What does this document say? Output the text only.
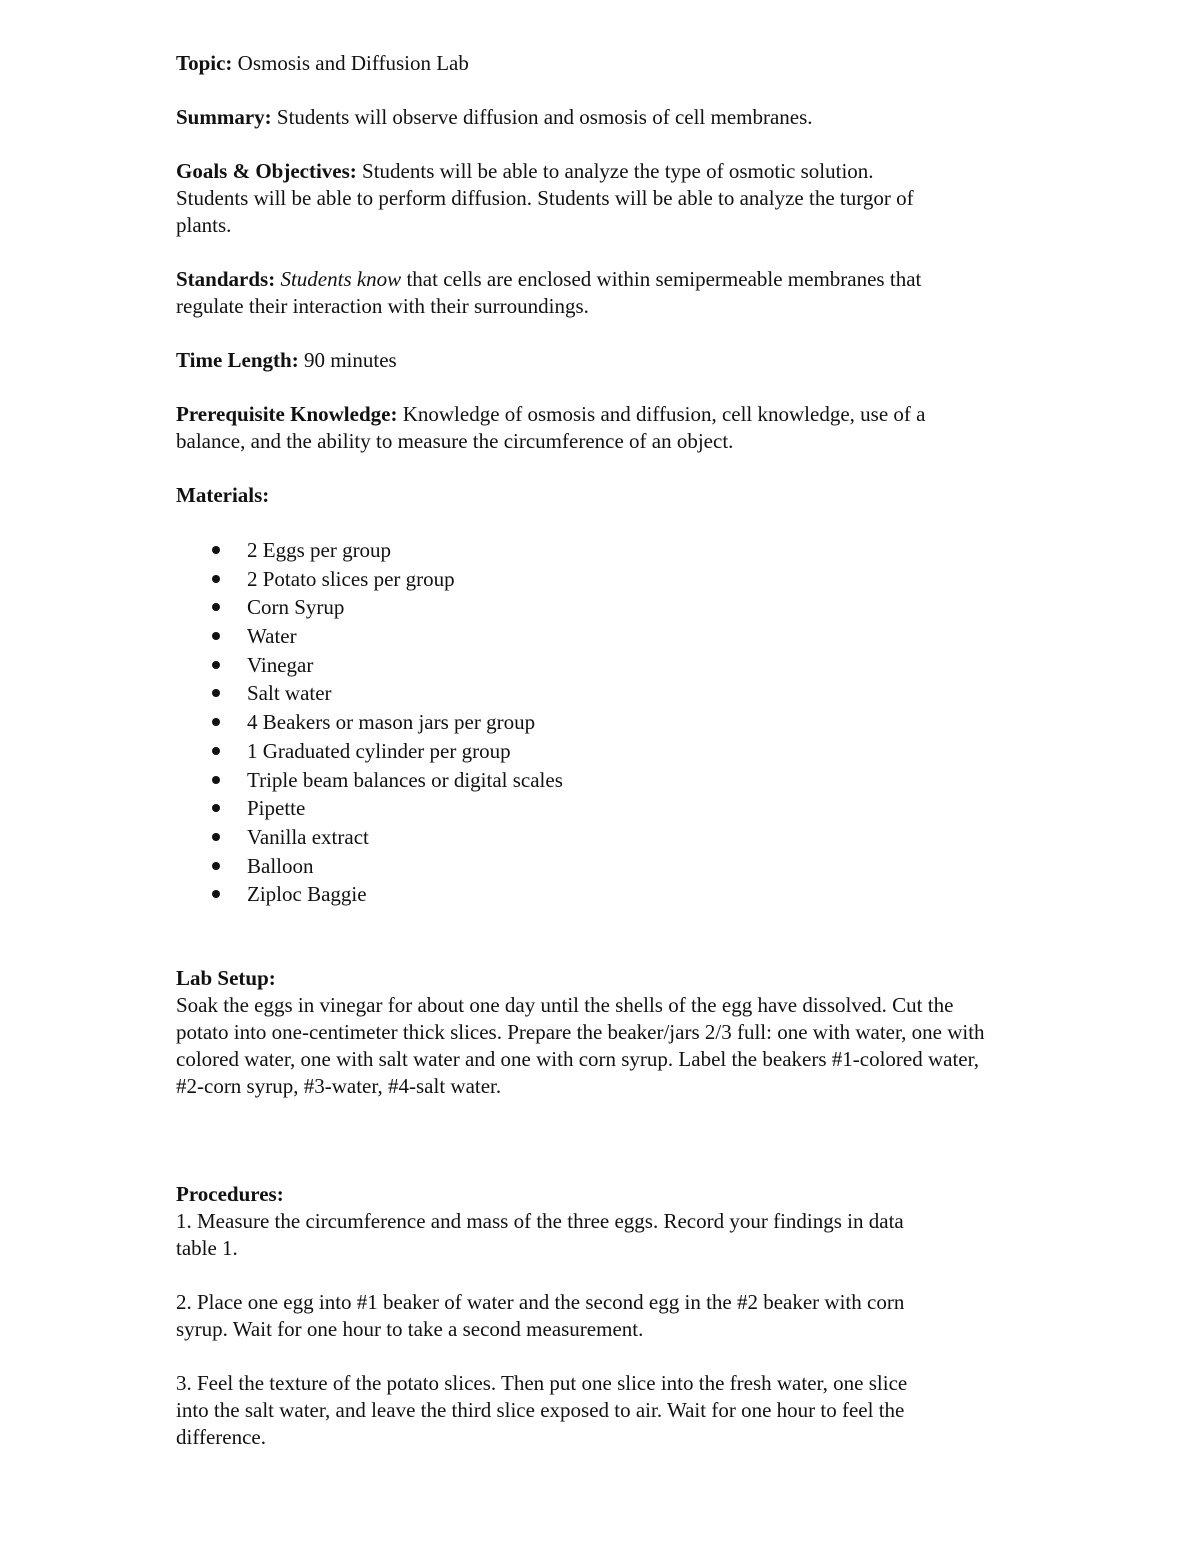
Topic: Osmosis and Diffusion Lab

Summary: Students will observe diffusion and osmosis of cell membranes.

Goals & Objectives: Students will be able to analyze the type of osmotic solution.
Students will be able to perform diffusion. Students will be able to analyze the turgor of
plants.
Standards: Students know that cells are enclosed within semipermeable membranes that
regulate their interaction with their surroundings.

Time Length: 90 minutes

Prerequisite Knowledge: Knowledge of osmosis and diffusion, cell knowledge, use of a
balance, and the ability to measure the circumference of an object.

Materials:

2 Eggs per group
2 Potato slices per group
Corn Syrup
Water
Vinegar
Salt water
4 Beakers or mason jars per group
1 Graduated cylinder per group
Triple beam balances or digital scales
Pipette
Vanilla extract
Balloon
Ziploc Baggie
Lab Setup:
Soak the eggs in vinegar for about one day until the shells of the egg have dissolved. Cut the
potato into one-centimeter thick slices. Prepare the beaker/jars 2/3 full: one with water, one with
colored water, one with salt water and one with corn syrup. Label the beakers #1-colored water,
#2-corn syrup, #3-water, #4-salt water.
Procedures:
1. Measure the circumference and mass of the three eggs. Record your findings in data
table 1.
2. Place one egg into #1 beaker of water and the second egg in the #2 beaker with corn
syrup. Wait for one hour to take a second measurement.
3. Feel the texture of the potato slices. Then put one slice into the fresh water, one slice
into the salt water, and leave the third slice exposed to air. Wait for one hour to feel the
difference.
